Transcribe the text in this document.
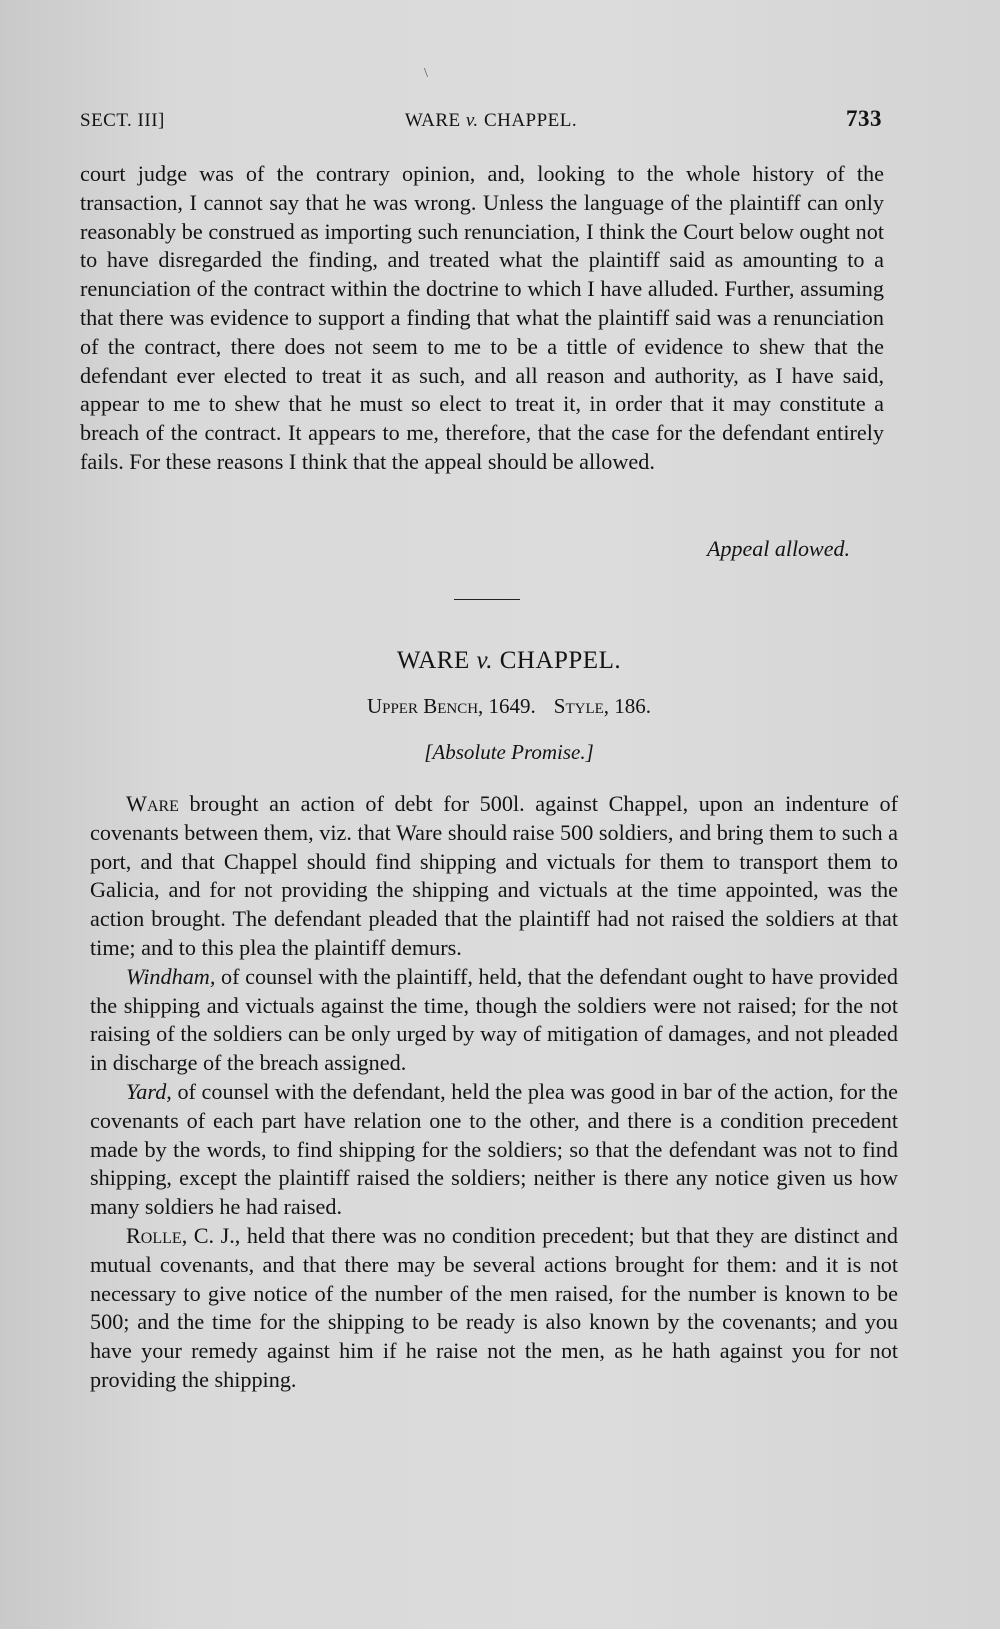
\
SECT. III]	WARE v. CHAPPEL.	733

court judge was of the contrary opinion, and, looking to the whole history of the transaction, I cannot say that he was wrong. Unless the language of the plaintiff can only reasonably be construed as importing such renunciation, I think the Court below ought not to have disregarded the finding, and treated what the plaintiff said as amounting to a renunciation of the contract within the doctrine to which I have alluded. Further, assuming that there was evidence to support a finding that what the plaintiff said was a renunciation of the contract, there does not seem to me to be a tittle of evidence to shew that the defendant ever elected to treat it as such, and all reason and authority, as I have said, appear to me to shew that he must so elect to treat it, in order that it may constitute a breach of the contract. It appears to me, therefore, that the case for the defendant entirely fails. For these reasons I think that the appeal should be allowed.

Appeal allowed.
WARE v. CHAPPEL.
Upper Bench, 1649. Style, 186.
[Absolute Promise.]

Ware brought an action of debt for 500l. against Chappel, upon an indenture of covenants between them, viz. that Ware should raise 500 soldiers, and bring them to such a port, and that Chappel should find shipping and victuals for them to transport them to Galicia, and for not providing the shipping and victuals at the time appointed, was the action brought. The defendant pleaded that the plaintiff had not raised the soldiers at that time; and to this plea the plaintiff demurs.

Windham, of counsel with the plaintiff, held, that the defendant ought to have provided the shipping and victuals against the time, though the soldiers were not raised; for the not raising of the soldiers can be only urged by way of mitigation of damages, and not pleaded in discharge of the breach assigned.

Yard, of counsel with the defendant, held the plea was good in bar of the action, for the covenants of each part have relation one to the other, and there is a condition precedent made by the words, to find shipping for the soldiers; so that the defendant was not to find shipping, except the plaintiff raised the soldiers; neither is there any notice given us how many soldiers he had raised.

Rolle, C. J., held that there was no condition precedent; but that they are distinct and mutual covenants, and that there may be several actions brought for them: and it is not necessary to give notice of the number of the men raised, for the number is known to be 500; and the time for the shipping to be ready is also known by the covenants; and you have your remedy against him if he raise not the men, as he hath against you for not providing the shipping.
